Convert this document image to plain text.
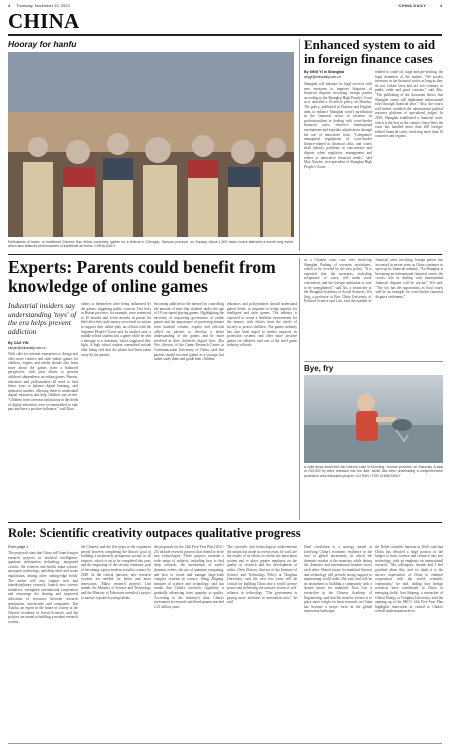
4 Thursday, November 23, 2023	CHINA DAILY	4
CHINA
Hooray for hanfu
Enthusiasts of hanfu, or traditional Chinese Han ethnic costumes, gather for a festival in Chengdu, Sichuan province, on Sunday. About 1,000 hanfu lovers attended a month-long event, which also featured performances of traditional art forms. CHINA DAILY
Enhanced system to aid in foreign finance cases
By XING YI in Shanghai
xingyi@chinadaily.com.cn
Shanghai will enhance its legal services with new measures to improve litigation of financial disputes involving foreign parties according to the Shanghai High People's Court as it unveiled a 10-article policy on Monday. The policy, published in Chinese and English, aims to enhance Shanghai court's jurisdiction in the financial sector to increase its professionalism in dealing with cross-border financial cases, reinforce international mechanisms and expedite adjudication through the use of innovative tools. "Companies' managerial regulations in cross-border finance-related in financial risks, and courts shall identify problems in concurrence and dispute when regulatory management and relates to innovative financial trends," said Mao Xiaofei, vice-president of Shanghai High People's Court.
related to crude oil, stage and pre-settling, the legal treatment of the market. "We protect investors in the financial sector as long as they do not violate laws and are not contrary to public order and good customs," said Zhu. "The publishing of the document shows that Shanghai courts will implement international rules through financial laws." Also, the courts will further establish the international judicial resource platform of specialized judges. In 2018, Shanghai established a financial court, which is the first in the country. Since then, the court has handled more than 200 foreign-related financial cases, involving more than 10 countries and regions.
Experts: Parents could benefit from knowledge of online games
Industrial insiders say understanding 'toys' of the era helps prevent addiction
By CAO YIN
caoyin@chinadaily.com.cn
With calls for internet enterprises to design and offer more creative and safer online games for children, experts and adults should also learn more about the games from a balanced perspective, with joint efforts to prevent children's dependence on online games. Parents, educators and policymakers all need to find better ways to balance digital learning, said industrial insiders, allowing them to understand digital education and help children stay active. "Children from overseas institutions in the fields of digital education were recommended to take part and have a positive influence," said Zhao.
others or themselves after being influenced by the games, triggering public concern. Two boys in Hunan province, for example, were sentenced to 10 months and seven months in prison for theft after they stole money on several occasions to support their online play, an official with the Supreme People's Court said. In another case, a middle school student lost a game while he sent a message to a classmate, which suggested they fight. A high school student committed suicide after being told that the phone had been taken away by his parents.
becoming addicted to the internet by controlling the amount of time that students under the age of 18 can spend playing games. Highlighting the necessity of improving governance of online games and the importance of protecting minors from harmful content, experts and officials called on parents to develop a better understanding of the games and be more involved in their children's digital lives. Zhu Wei, director of the Game Research Center at Communication University of China, said that parents should not treat games as a scourge, but rather study them and guide their children.
educators and policymakers should understand games better, in response to rising requests for intelligent and safer games. The industry is expected to create a healthier environment for the minors, with efforts from the whole of society to protect children. The games industry has also been urged to further improve its protection systems and offer more positive games for children, said one of the chief game industry officials.
as a Chinese court case tries involving Shanghai Pudong of overseas institutions, which to be covered by the new policy. "It is expected that the measures, including acceptance of cases, will make more convenient, and the foreign institution is sure to be strengthened," said Xu, a researcher at the Shanghai Academy of Social Sciences. Wu Jing, a professor at East China University of Political Science and Law, said the number of financial cases involving foreign parties has increased in recent years as China continues to open up its financial industry. "As Shanghai is becoming an international financial center, the court's role in dealing with international financial disputes will be crucial," Wu said. "The city has the opportunity, as local courts will be an example for cross-border financial disputes settlement."
Bye, fry
A child drops small fish into Dianchi Lake in Kunming, Yunnan province, on Saturday. A total of 230,000 fry were released into the lake, which has been undertaking a comprehensive protection and restoration project. LIU RAN / FOR CHINA DAILY
Role: Scientific creativity outpaces qualitative progress
From page 1
The proposals state that China will launch major research projects in artificial intelligence, quantum information technology, integrated circuits, life sciences and health, brain science, aerospace technology, and deep earth and ocean exploration, among other cutting-edge fields. The nation will also support new and interdisciplinary research, launch new science initiatives, strengthen international cooperation and encourage the sharing and improved allocation of resources between research institutions, universities and companies. Dai Xiaohu, an expert in the future of society at the Chinese Academy of Social Sciences, said the policies are aimed at building a modern research system.
the Chinese, and the five years to the expiration period between completing the historic goal of building a moderately prosperous society in all respects, which is set to be completed this year, and the beginning of the second centenary goal of becoming a great modern socialist country by 2049. In the critical juncture, new research systems are needed for better and more innovation. 'Major research projects' Last month, the Ministry of Science and Technology and the Ministry of Education unveiled a project to nurture top-notch young talents.
the proposals for the 14th Five-Year Plan (2021-25) include research projects that intend to drive new technologies. Three projects examine a wide range of subjects, including how to find deep research, the mechanism of earth's dynamic events, the use of quantum computing, and how to create and manage large-scale complex systems in science. Wang Zhigang, minister of science and technology, said last month that China's scientific capability is gradually advancing from quantity to quality. According to the ministry's data, China's investment in research and development reached 2.21 trillion yuan.
The scientific and technological achievements the nation has made in recent years, he said, are the results of its efforts to reform the innovation system and to place greater emphasis on the quality of research and the development of talent. Chen Zhiwen, director of the Institute of Science and Technology Policy at Tsinghua University, said the next few years will be critical for building China into a world science power and delivering the nation's vision of self-reliance in technology. "The government is paying more attention to innovation now," he said.
Dual circulation is a strategy aimed at fortifying China's economic resilience in the face of global uncertainty, in which the domestic market is the mainstay while letting the domestic and international markets boost each other. Shared future for mankind Science and technology will provide strong support to maintaining world order, Dai said, and will be an instrument to building a community with a shared future for mankind. Xiao Lin, a researcher at the Chinese Academy of Engineering, said that the trend in science is to place more weight on basic research, as China has become a major force in the global innovation landscape.
the Nobel scientific laureate in 2020, said that China has devoted a large portion of the budget to basic science and research into key technology, with an emphasis on international research. "My colleagues, friends and I feel gratified about this, and we think it is the sincere expectation of China to enhance cooperation with the world scientific community," he said, adding that foreign scientists have contributed to China in emerging fields. Sun Shipeng, a researcher of Global Energy at Tsinghua University, said the opening up of the PRC's 14th Five-Year Plan highlights innovation as central to China's overall modernization drive.
